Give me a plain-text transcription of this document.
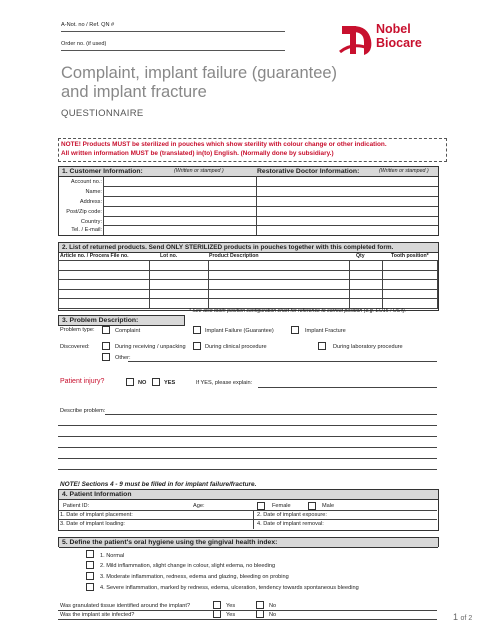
A-Not. no / Ref. QN #
Order no. (if used)
Nobel
Biocare
Complaint, implant failure (guarantee)
and implant fracture
QUESTIONNAIRE
NOTE! Products MUST be sterilized in pouches which show sterility with colour change or other indication.
All written information MUST be (translated) in(to) English. (Normally done by subsidiary.)
1. Customer Information:	(Written or stamped )	Restorative Doctor Information:	(Written or stamped )
Account no.:
Name:
Address:
Post/Zip code:
Country:
Tel. / E-mail:
2. List of returned products. Send ONLY STERILIZED products in pouches together with this completed form.
Article no. / Procera File no.	Lot no.	Product Description	Qty	Tooth position*

* See also tooth position configuration chart for reference to correct position (e.g. EU15 / US4).
3. Problem Description:
Problem type:	Complaint	Implant Failure (Guarantee)	Implant Fracture
Discovered:	During receiving / unpacking	During clinical procedure	During laboratory procedure
Other:
Patient injury?	NO	YES	If YES, please explain:
Describe problem:
NOTE! Sections 4 - 9 must be filled in for implant failure/fracture.
4. Patient Information
Patient ID:	Age:	Female	Male
1. Date of implant placement:	2. Date of implant exposure:
3. Date of implant loading:	4. Date of implant removal:
5. Define the patient's oral hygiene using the gingival health index:
1. Normal
2. Mild inflammation, slight change in colour, slight edema, no bleeding
3. Moderate inflammation, redness, edema and glazing, bleeding on probing
4. Severe inflammation, marked by redness, edema, ulceration, tendency towards spontaneous bleeding
Was granulated tissue identified around the implant?	Yes	No
Was the implant site infected?	Yes	No	1 of 2
